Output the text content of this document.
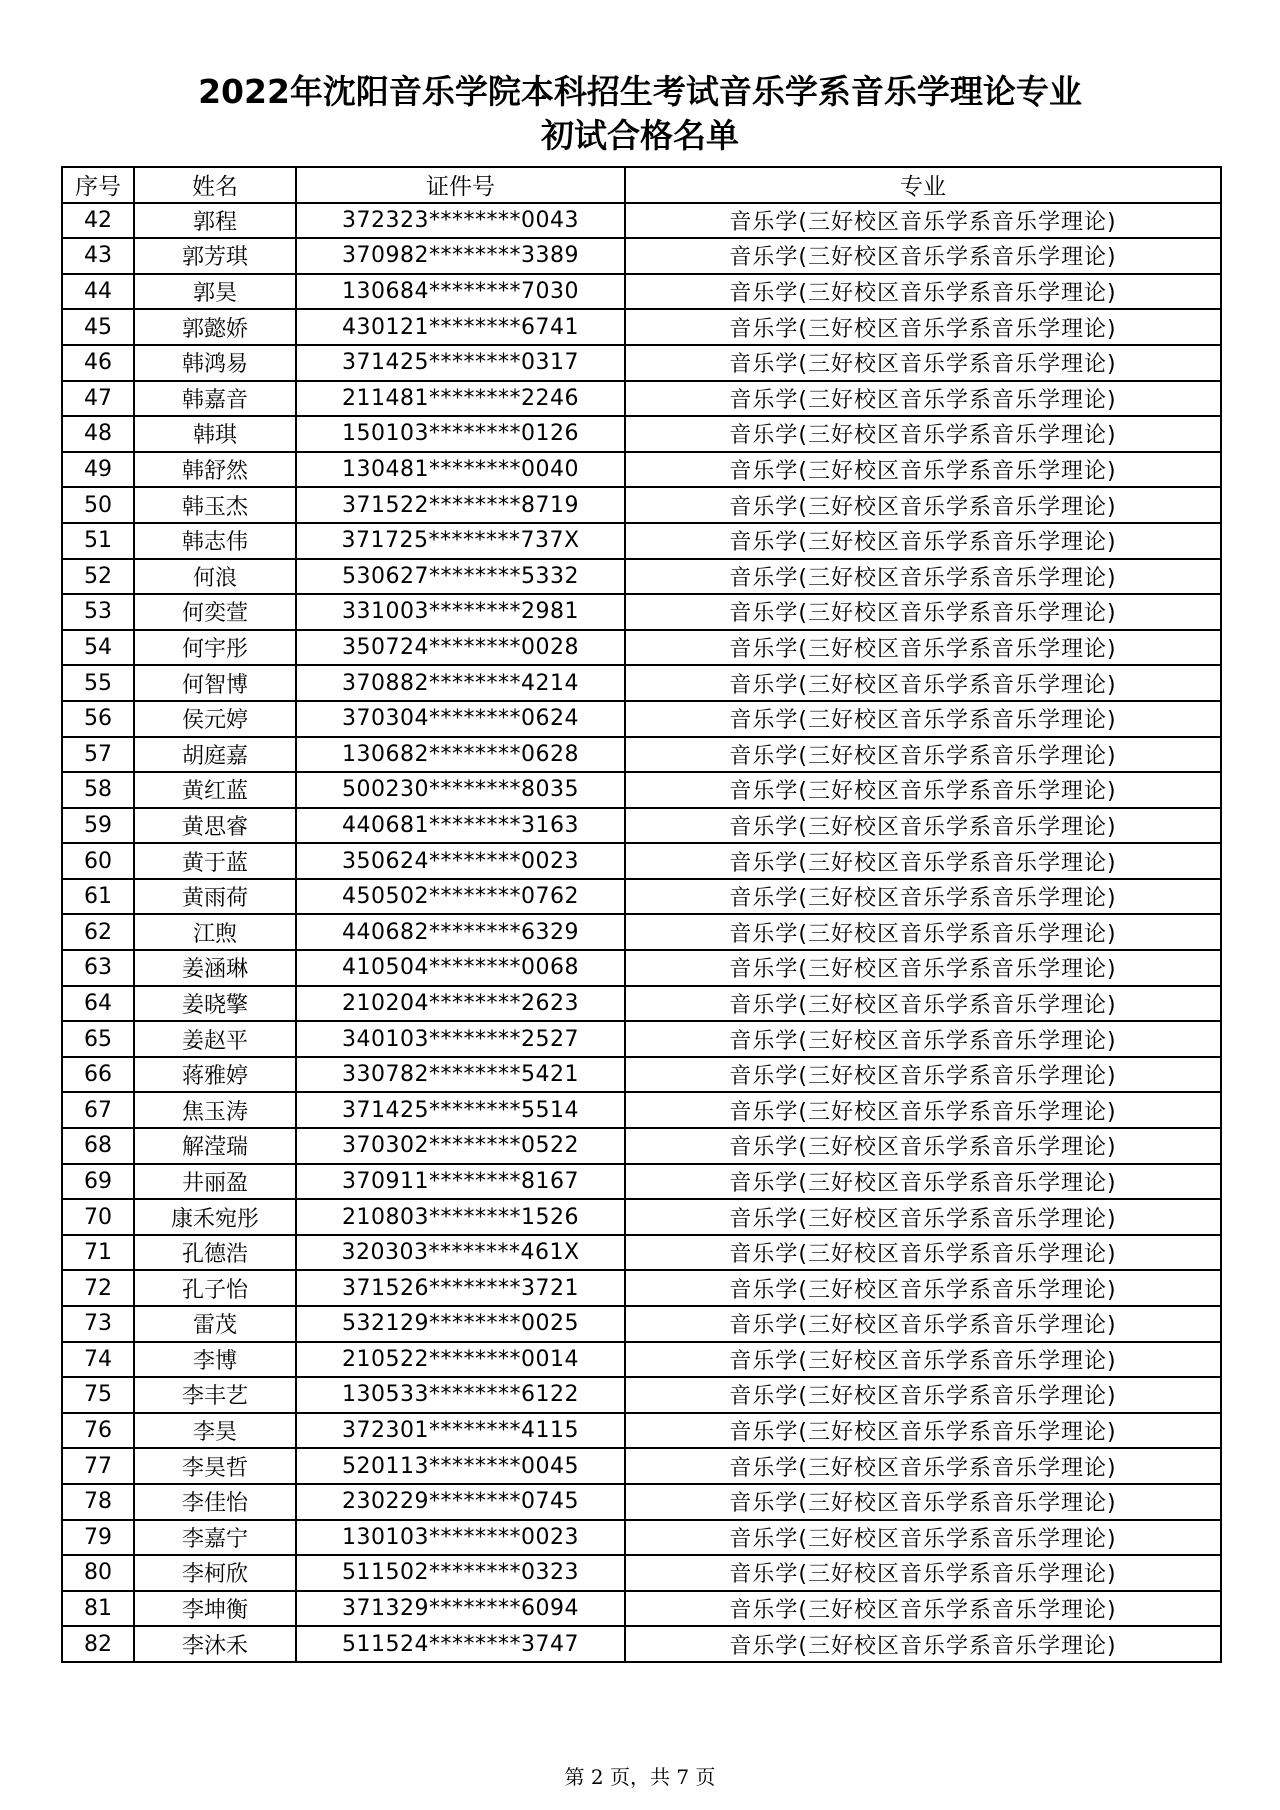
2022年沈阳音乐学院本科招生考试音乐学系音乐学理论专业
初试合格名单
序号	姓名	证件号	专业
42	郭程	372323********0043	音乐学(三好校区音乐学系音乐学理论)
43	郭芳琪	370982********3389	音乐学(三好校区音乐学系音乐学理论)
44	郭昊	130684********7030	音乐学(三好校区音乐学系音乐学理论)
45	郭懿娇	430121********6741	音乐学(三好校区音乐学系音乐学理论)
46	韩鸿易	371425********0317	音乐学(三好校区音乐学系音乐学理论)
47	韩嘉音	211481********2246	音乐学(三好校区音乐学系音乐学理论)
48	韩琪	150103********0126	音乐学(三好校区音乐学系音乐学理论)
49	韩舒然	130481********0040	音乐学(三好校区音乐学系音乐学理论)
50	韩玉杰	371522********8719	音乐学(三好校区音乐学系音乐学理论)
51	韩志伟	371725********737X	音乐学(三好校区音乐学系音乐学理论)
52	何浪	530627********5332	音乐学(三好校区音乐学系音乐学理论)
53	何奕萱	331003********2981	音乐学(三好校区音乐学系音乐学理论)
54	何宇彤	350724********0028	音乐学(三好校区音乐学系音乐学理论)
55	何智博	370882********4214	音乐学(三好校区音乐学系音乐学理论)
56	侯元婷	370304********0624	音乐学(三好校区音乐学系音乐学理论)
57	胡庭嘉	130682********0628	音乐学(三好校区音乐学系音乐学理论)
58	黄红蓝	500230********8035	音乐学(三好校区音乐学系音乐学理论)
59	黄思睿	440681********3163	音乐学(三好校区音乐学系音乐学理论)
60	黄于蓝	350624********0023	音乐学(三好校区音乐学系音乐学理论)
61	黄雨荷	450502********0762	音乐学(三好校区音乐学系音乐学理论)
62	江煦	440682********6329	音乐学(三好校区音乐学系音乐学理论)
63	姜涵琳	410504********0068	音乐学(三好校区音乐学系音乐学理论)
64	姜晓擎	210204********2623	音乐学(三好校区音乐学系音乐学理论)
65	姜赵平	340103********2527	音乐学(三好校区音乐学系音乐学理论)
66	蒋雅婷	330782********5421	音乐学(三好校区音乐学系音乐学理论)
67	焦玉涛	371425********5514	音乐学(三好校区音乐学系音乐学理论)
68	解滢瑞	370302********0522	音乐学(三好校区音乐学系音乐学理论)
69	井丽盈	370911********8167	音乐学(三好校区音乐学系音乐学理论)
70	康禾宛彤	210803********1526	音乐学(三好校区音乐学系音乐学理论)
71	孔德浩	320303********461X	音乐学(三好校区音乐学系音乐学理论)
72	孔子怡	371526********3721	音乐学(三好校区音乐学系音乐学理论)
73	雷茂	532129********0025	音乐学(三好校区音乐学系音乐学理论)
74	李博	210522********0014	音乐学(三好校区音乐学系音乐学理论)
75	李丰艺	130533********6122	音乐学(三好校区音乐学系音乐学理论)
76	李昊	372301********4115	音乐学(三好校区音乐学系音乐学理论)
77	李昊哲	520113********0045	音乐学(三好校区音乐学系音乐学理论)
78	李佳怡	230229********0745	音乐学(三好校区音乐学系音乐学理论)
79	李嘉宁	130103********0023	音乐学(三好校区音乐学系音乐学理论)
80	李柯欣	511502********0323	音乐学(三好校区音乐学系音乐学理论)
81	李坤衡	371329********6094	音乐学(三好校区音乐学系音乐学理论)
82	李沐禾	511524********3747	音乐学(三好校区音乐学系音乐学理论)
第 2 页，共 7 页
